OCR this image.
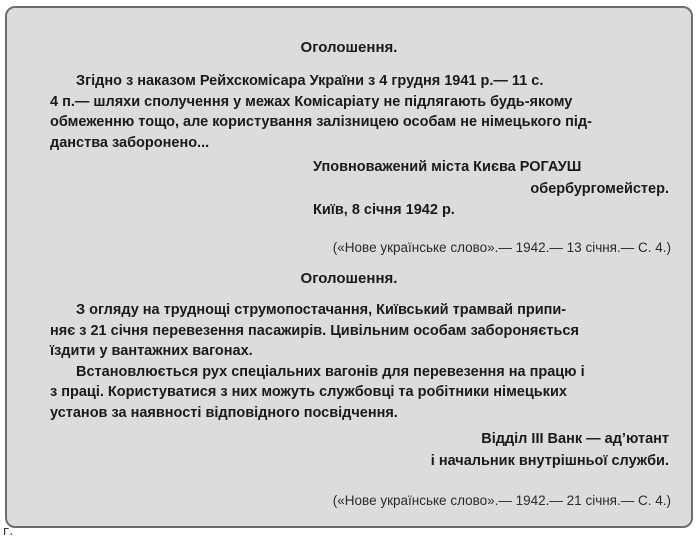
Оголошення.

Згідно з наказом Рейхскомісара України з 4 грудня 1941 р.— 11 с.
4 п.— шляхи сполучення у межах Комісаріату не підлягають будь-якому
обмеженню тощо, але користування залізницею особам не німецького під-
данства заборонено...
Уповноважений міста Києва РОГАУШ
обербургомейстер.
Київ, 8 січня 1942 р.
(«Нове українське слово».— 1942.— 13 січня.— С. 4.)

Оголошення.

З огляду на труднощі струмопостачання, Київський трамвай припи-
няє з 21 січня перевезення пасажирів. Цивільним особам забороняється
їздити у вантажних вагонах.
Встановлюється рух спеціальних вагонів для перевезення на працю і
з праці. Користуватися з них можуть службовці та робітники німецьких
установ за наявності відповідного посвідчення.
Відділ III Ванк — ад’ютант
і начальник внутрішньої служби.
(«Нове українське слово».— 1942.— 21 січня.— С. 4.)
г.
